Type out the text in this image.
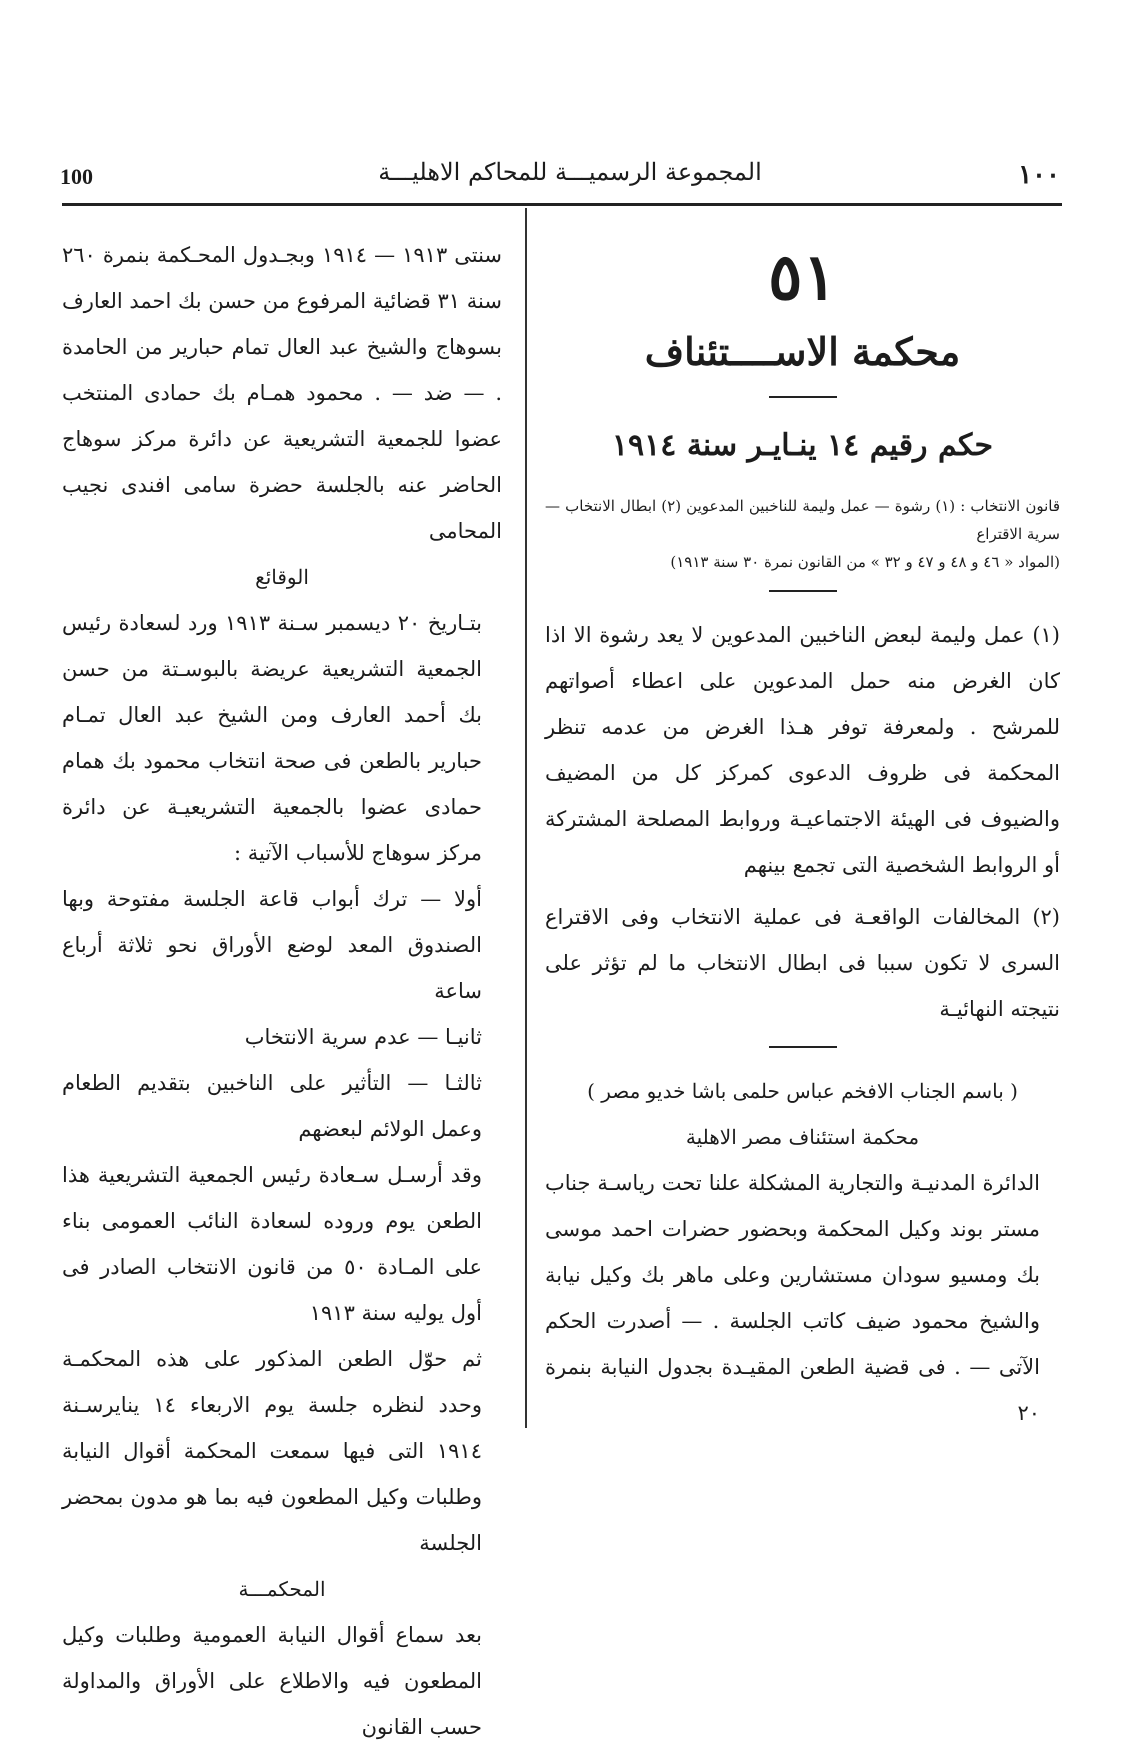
100	المجموعة الرسميـــة للمحاكم الاهليـــة	١٠٠
٥١
محكمة الاســــتئناف
حكم رقيم ١٤ ينـايـر سنة ١٩١٤

قانون الانتخاب : (١) رشوة — عمل وليمة للناخبين المدعوين (٢) ابطال الانتخاب — سرية الاقتراع

(المواد « ٤٦ و ٤٨ و ٤٧ و ٣٢ » من القانون نمرة ٣٠ سنة ١٩١٣)

(١) عمل وليمة لبعض الناخبين المدعوين لا يعد رشوة الا اذا كان الغرض منه حمل المدعوين على اعطاء أصواتهم للمرشح . ولمعرفة توفر هـذا الغرض من عدمه تنظر المحكمة فى ظروف الدعوى كمركز كل من المضيف والضيوف فى الهيئة الاجتماعيـة وروابط المصلحة المشتركة أو الروابط الشخصية التى تجمع بينهم

(٢) المخالفات الواقعـة فى عملية الانتخاب وفى الاقتراع السرى لا تكون سببا فى ابطال الانتخاب ما لم تؤثر على نتيجته النهائيـة

( باسم الجناب الافخم عباس حلمى باشا خديو مصر )

محكمة استئناف مصر الاهلية

الدائرة المدنيـة والتجارية المشكلة علنا تحت رياسـة جناب مستر بوند وكيل المحكمة وبحضور حضرات احمد موسى بك ومسيو سودان مستشارين وعلى ماهر بك وكيل نيابة والشيخ محمود ضيف كاتب الجلسة . — أصدرت الحكم الآتى — . فى قضية الطعن المقيـدة بجدول النيابة بنمرة ٢٠

سنتى ١٩١٣ — ١٩١٤ وبجـدول المحـكمة بنمرة ٢٦٠ سنة ٣١ قضائية المرفوع من حسن بك احمد العارف بسوهاج والشيخ عبد العال تمام حبارير من الحامدة . — ضد — . محمود همـام بك حمادى المنتخب عضوا للجمعية التشريعية عن دائرة مركز سوهاج الحاضر عنه بالجلسة حضرة سامى افندى نجيب المحامى

الوقائع

بتـاريخ ٢٠ ديسمبر سـنة ١٩١٣ ورد لسعادة رئيس الجمعية التشريعية عريضة بالبوسـتة من حسن بك أحمد العارف ومن الشيخ عبد العال تمـام حبارير بالطعن فى صحة انتخاب محمود بك همام حمادى عضوا بالجمعية التشريعيـة عن دائرة مركز سوهاج للأسباب الآتية :

أولا — ترك أبواب قاعة الجلسة مفتوحة وبها الصندوق المعد لوضع الأوراق نحو ثلاثة أرباع ساعة

ثانيـا — عدم سرية الانتخاب

ثالثـا — التأثير على الناخبين بتقديم الطعام وعمل الولائم لبعضهم

وقد أرسـل سـعادة رئيس الجمعية التشريعية هذا الطعن يوم وروده لسعادة النائب العمومى بناء على المـادة ٥٠ من قانون الانتخاب الصادر فى أول يوليه سنة ١٩١٣

ثم حوّل الطعن المذكور على هذه المحكمـة وحدد لنظره جلسة يوم الاربعاء ١٤ ينايرسـنة ١٩١٤ التى فيها سمعت المحكمة أقوال النيابة وطلبات وكيل المطعون فيه بما هو مدون بمحضر الجلسة

المحكمـــة

بعد سماع أقوال النيابة العمومية وطلبات وكيل المطعون فيه والاطلاع على الأوراق والمداولة حسب القانون
